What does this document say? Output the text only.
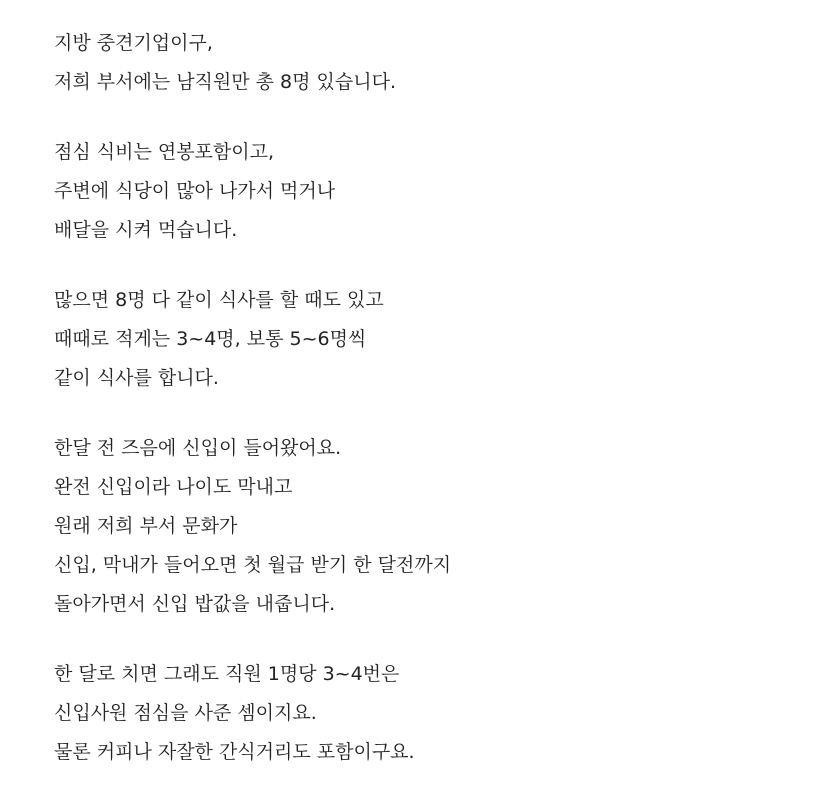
지방 중견기업이구,
저희 부서에는 남직원만 총 8명 있습니다.
점심 식비는 연봉포함이고,
주변에 식당이 많아 나가서 먹거나
배달을 시켜 먹습니다.
많으면 8명 다 같이 식사를 할 때도 있고
때때로 적게는 3~4명, 보통 5~6명씩
같이 식사를 합니다.
한달 전 즈음에 신입이 들어왔어요.
완전 신입이라 나이도 막내고
원래 저희 부서 문화가
신입, 막내가 들어오면 첫 월급 받기 한 달전까지
돌아가면서 신입 밥값을 내줍니다.
한 달로 치면 그래도 직원 1명당 3~4번은
신입사원 점심을 사준 셈이지요.
물론 커피나 자잘한 간식거리도 포함이구요.
